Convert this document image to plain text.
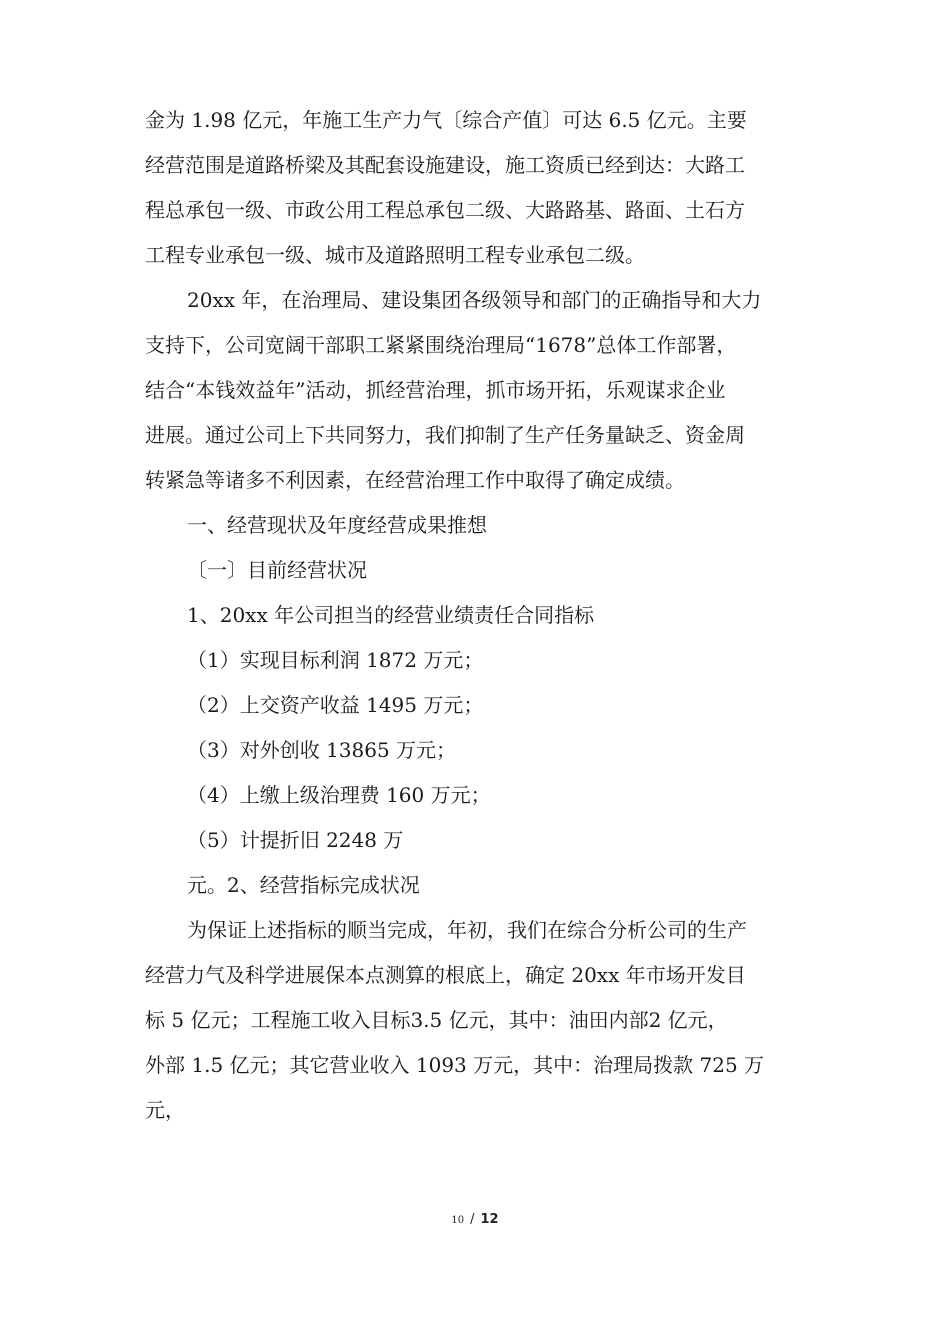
金为 1.98 亿元，年施工生产力气〔综合产值〕可达 6.5 亿元。主要
经营范围是道路桥梁及其配套设施建设，施工资质已经到达：大路工
程总承包一级、市政公用工程总承包二级、大路路基、路面、土石方
工程专业承包一级、城市及道路照明工程专业承包二级。
20xx 年，在治理局、建设集团各级领导和部门的正确指导和大力
支持下，公司宽阔干部职工紧紧围绕治理局“1678”总体工作部署，
结合“本钱效益年”活动，抓经营治理，抓市场开拓，乐观谋求企业
进展。通过公司上下共同努力，我们抑制了生产任务量缺乏、资金周
转紧急等诸多不利因素，在经营治理工作中取得了确定成绩。
一、经营现状及年度经营成果推想
〔一〕目前经营状况
1、20xx 年公司担当的经营业绩责任合同指标
（1）实现目标利润 1872 万元；
（2）上交资产收益 1495 万元；
（3）对外创收 13865 万元；
（4）上缴上级治理费 160 万元；
（5）计提折旧 2248 万
元。2、经营指标完成状况
为保证上述指标的顺当完成，年初，我们在综合分析公司的生产
经营力气及科学进展保本点测算的根底上，确定 20xx 年市场开发目
标 5 亿元；工程施工收入目标3.5 亿元，其中：油田内部2 亿元，
外部 1.5 亿元；其它营业收入 1093 万元，其中：治理局拨款 725 万
元，
10 / 12
